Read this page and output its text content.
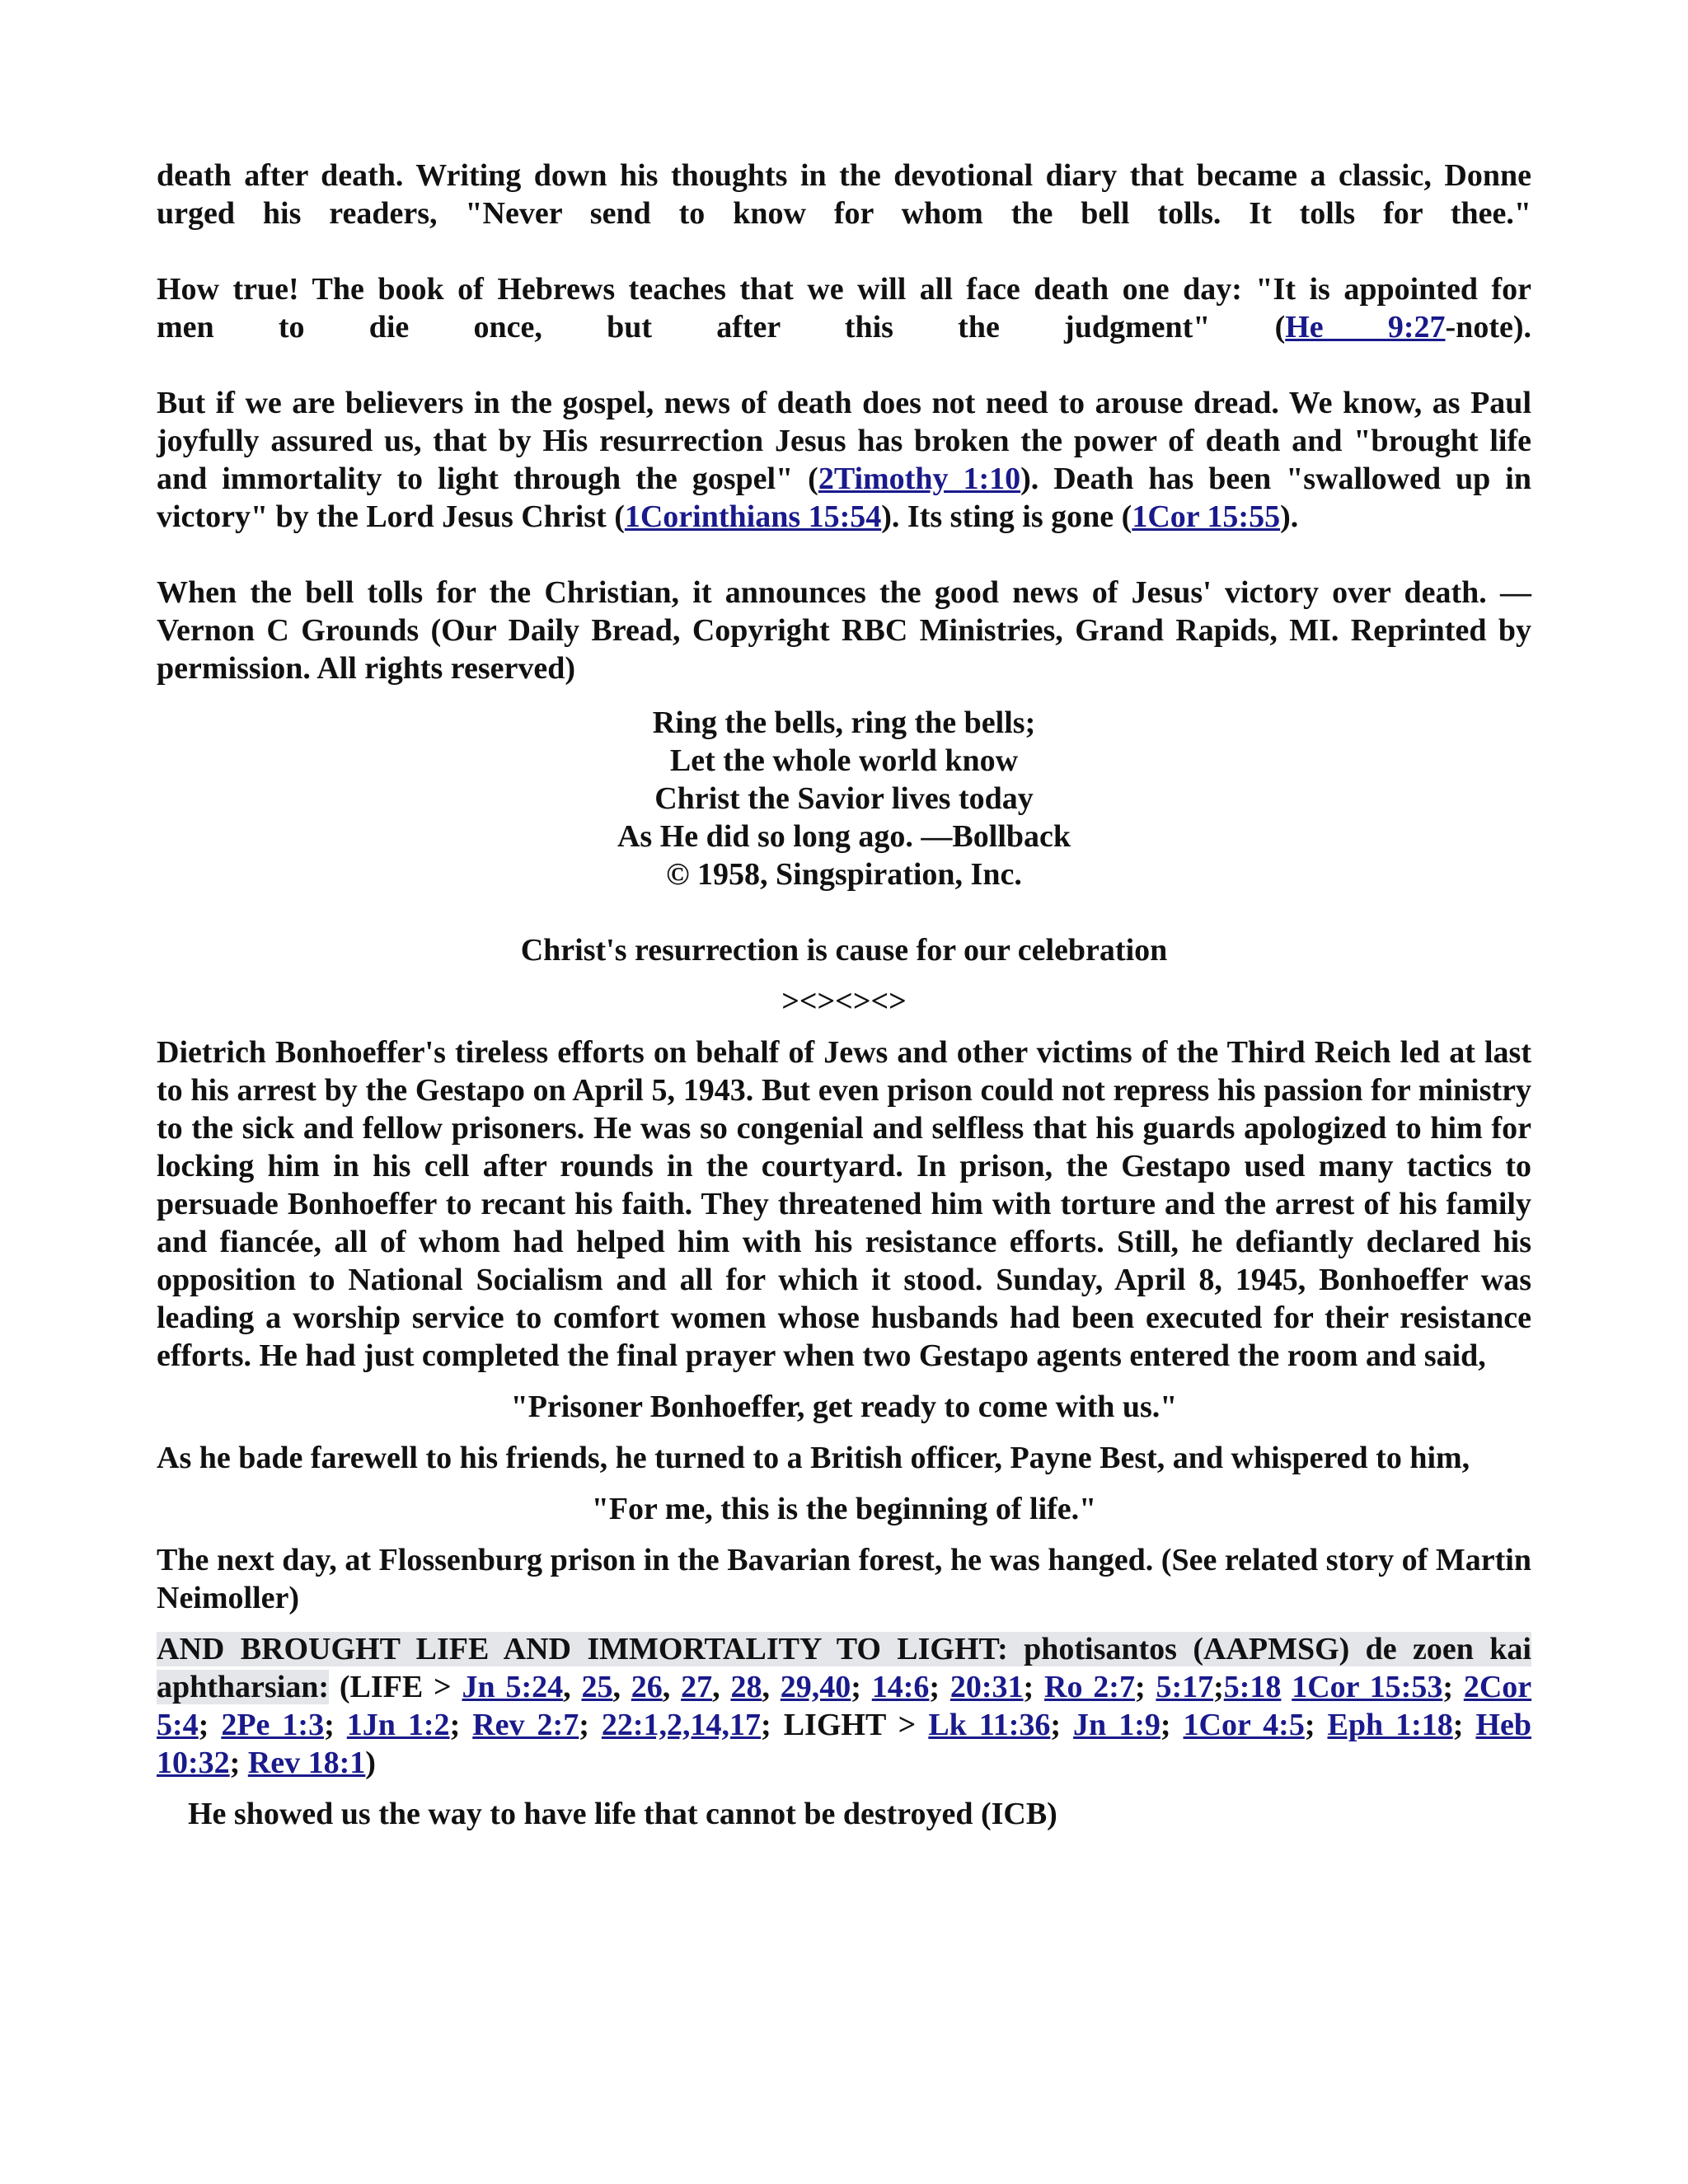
death after death. Writing down his thoughts in the devotional diary that became a classic, Donne

urged his readers, "Never send to know for whom the bell tolls. It tolls for thee."

How true! The book of Hebrews teaches that we will all face death one day: "It is appointed for

men to die once, but after this the judgment" (He 9:27-note).

But if we are believers in the gospel, news of death does not need to arouse dread. We know, as Paul joyfully assured us, that by His resurrection Jesus has broken the power of death and "brought life and immortality to light through the gospel" (2Timothy 1:10). Death has been "swallowed up in victory" by the Lord Jesus Christ (1Corinthians 15:54). Its sting is gone (1Cor 15:55).

When the bell tolls for the Christian, it announces the good news of Jesus' victory over death. — Vernon C Grounds (Our Daily Bread, Copyright RBC Ministries, Grand Rapids, MI. Reprinted by permission. All rights reserved)

Ring the bells, ring the bells;

Let the whole world know

Christ the Savior lives today

As He did so long ago. —Bollback

© 1958, Singspiration, Inc.

Christ's resurrection is cause for our celebration

><><><>

Dietrich Bonhoeffer's tireless efforts on behalf of Jews and other victims of the Third Reich led at last to his arrest by the Gestapo on April 5, 1943. But even prison could not repress his passion for ministry to the sick and fellow prisoners. He was so congenial and selfless that his guards apologized to him for locking him in his cell after rounds in the courtyard. In prison, the Gestapo used many tactics to persuade Bonhoeffer to recant his faith. They threatened him with torture and the arrest of his family and fiancée, all of whom had helped him with his resistance efforts. Still, he defiantly declared his opposition to National Socialism and all for which it stood. Sunday, April 8, 1945, Bonhoeffer was leading a worship service to comfort women whose husbands had been executed for their resistance efforts. He had just completed the final prayer when two Gestapo agents entered the room and said,

"Prisoner Bonhoeffer, get ready to come with us."

As he bade farewell to his friends, he turned to a British officer, Payne Best, and whispered to him,

"For me, this is the beginning of life."

The next day, at Flossenburg prison in the Bavarian forest, he was hanged. (See related story of Martin Neimoller)

AND BROUGHT LIFE AND IMMORTALITY TO LIGHT: photisantos (AAPMSG) de zoen kai aphtharsian: (LIFE > Jn 5:24, 25, 26, 27, 28, 29,40; 14:6; 20:31; Ro 2:7; 5:17;5:18 1Cor 15:53; 2Cor 5:4; 2Pe 1:3; 1Jn 1:2; Rev 2:7; 22:1,2,14,17; LIGHT > Lk 11:36; Jn 1:9; 1Cor 4:5; Eph 1:18; Heb 10:32; Rev 18:1)

He showed us the way to have life that cannot be destroyed (ICB)
